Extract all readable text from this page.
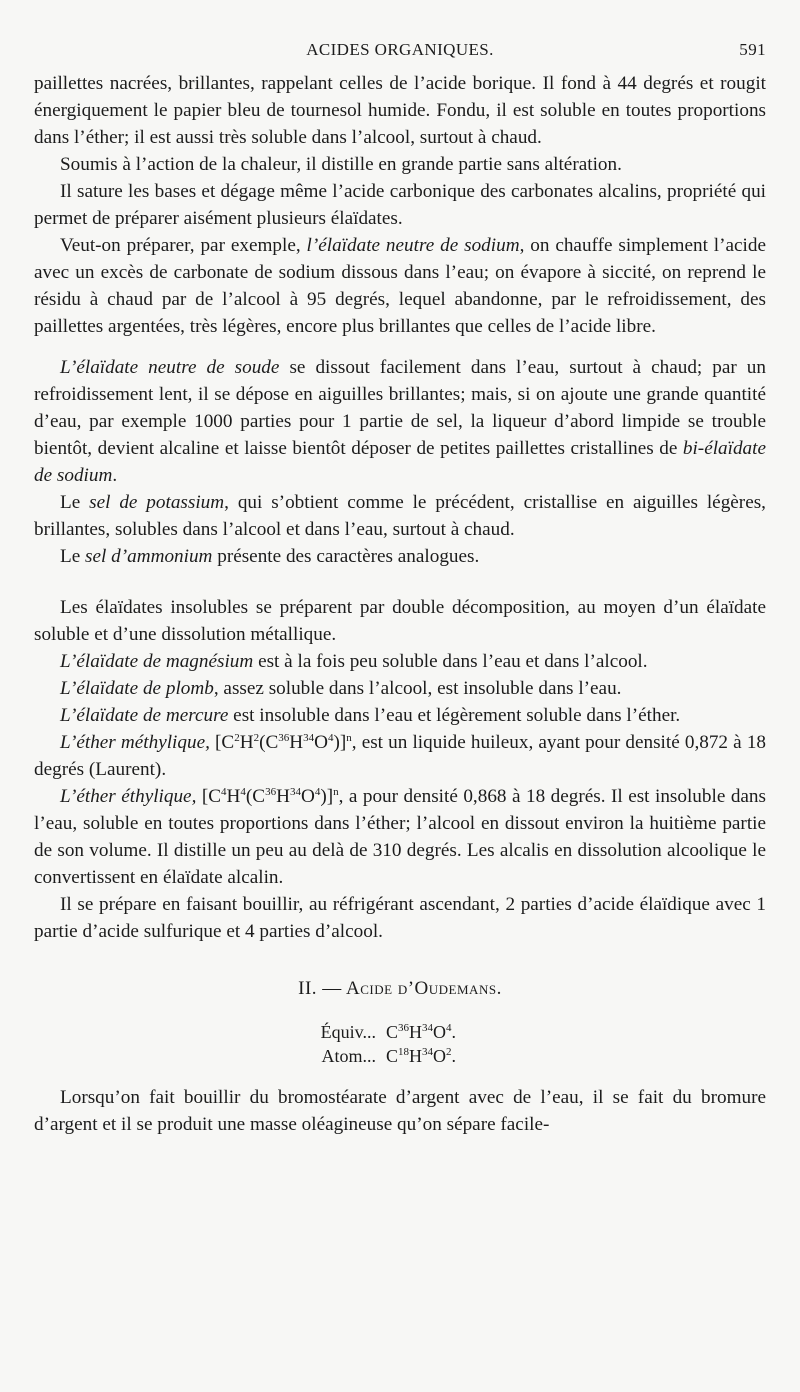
ACIDES ORGANIQUES.	591

paillettes nacrées, brillantes, rappelant celles de l’acide borique. Il fond à 44 degrés et rougit énergiquement le papier bleu de tournesol humide. Fondu, il est soluble en toutes proportions dans l’éther; il est aussi très soluble dans l’alcool, surtout à chaud.

Soumis à l’action de la chaleur, il distille en grande partie sans altération.

Il sature les bases et dégage même l’acide carbonique des carbonates alcalins, propriété qui permet de préparer aisément plusieurs élaïdates.

Veut-on préparer, par exemple, l’élaïdate neutre de sodium, on chauffe simplement l’acide avec un excès de carbonate de sodium dissous dans l’eau; on évapore à siccité, on reprend le résidu à chaud par de l’alcool à 95 degrés, lequel abandonne, par le refroidissement, des paillettes argentées, très légères, encore plus brillantes que celles de l’acide libre.

L’élaïdate neutre de soude se dissout facilement dans l’eau, surtout à chaud; par un refroidissement lent, il se dépose en aiguilles brillantes; mais, si on ajoute une grande quantité d’eau, par exemple 1000 parties pour 1 partie de sel, la liqueur d’abord limpide se trouble bientôt, devient alcaline et laisse bientôt déposer de petites paillettes cristallines de bi-élaïdate de sodium.

Le sel de potassium, qui s’obtient comme le précédent, cristallise en aiguilles légères, brillantes, solubles dans l’alcool et dans l’eau, surtout à chaud.

Le sel d’ammonium présente des caractères analogues.

Les élaïdates insolubles se préparent par double décomposition, au moyen d’un élaïdate soluble et d’une dissolution métallique.

L’élaïdate de magnésium est à la fois peu soluble dans l’eau et dans l’alcool.

L’élaïdate de plomb, assez soluble dans l’alcool, est insoluble dans l’eau.

L’élaïdate de mercure est insoluble dans l’eau et légèrement soluble dans l’éther.

L’éther méthylique, $[C^2H^2(C^{36}H^{34}O^4)]^n$, est un liquide huileux, ayant pour densité 0,872 à 18 degrés (Laurent).

L’éther éthylique, $[C^4H^4(C^{36}H^{34}O^4)]^n$, a pour densité 0,868 à 18 degrés. Il est insoluble dans l’eau, soluble en toutes proportions dans l’éther; l’alcool en dissout environ la huitième partie de son volume. Il distille un peu au delà de 310 degrés. Les alcalis en dissolution alcoolique le convertissent en élaïdate alcalin.

Il se prépare en faisant bouillir, au réfrigérant ascendant, 2 parties d’acide élaïdique avec 1 partie d’acide sulfurique et 4 parties d’alcool.

II. — Acide d’Oudemans.
Équiv... $C^{36}H^{34}O^4$.
Atom... $C^{18}H^{34}O^2$.

Lorsqu’on fait bouillir du bromostéarate d’argent avec de l’eau, il se fait du bromure d’argent et il se produit une masse oléagineuse qu’on sépare facile-
